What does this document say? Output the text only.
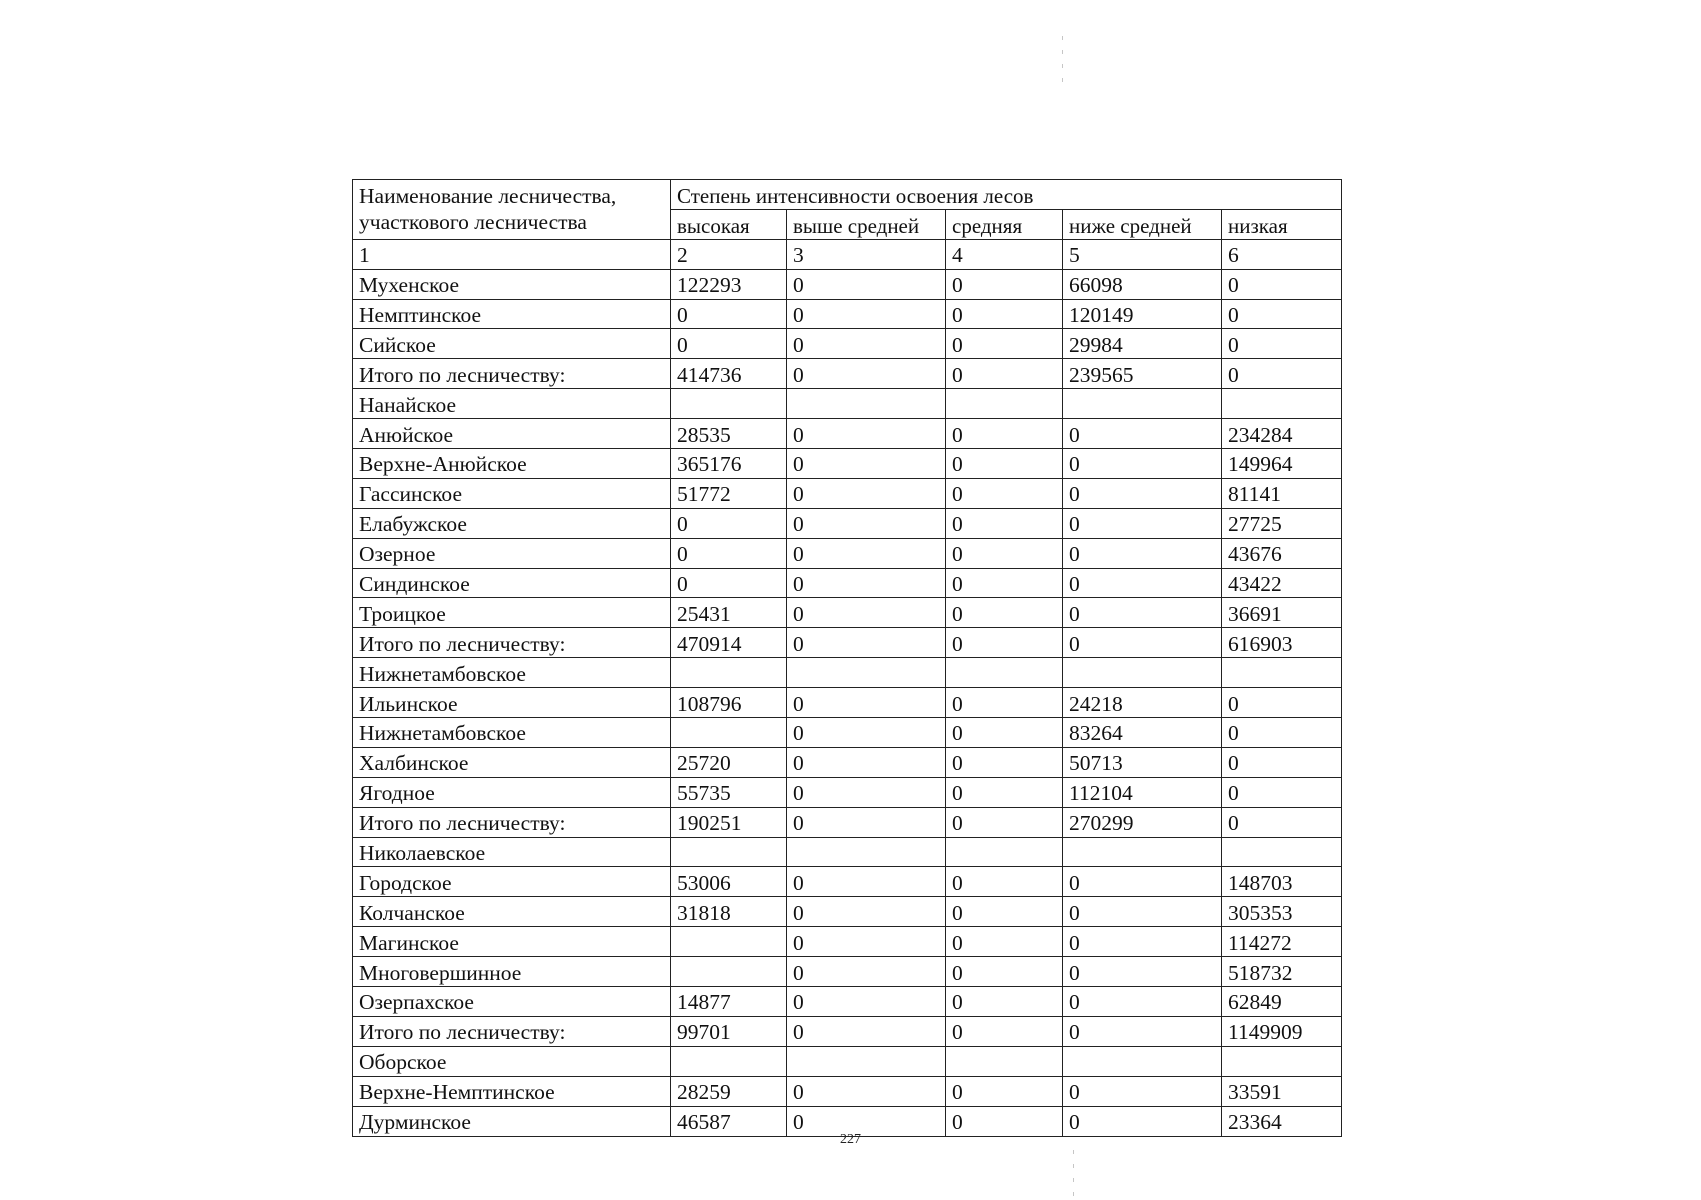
Наименование лесничества, участкового лесничества	Степень интенсивности освоения лесов				
	высокая	выше средней	средняя	ниже средней	низкая
1	2	3	4	5	6
Мухенское	122293	0	0	66098	0
Немптинское	0	0	0	120149	0
Сийское	0	0	0	29984	0
Итого по лесничеству:	414736	0	0	239565	0
Нанайское					
Анюйское	28535	0	0	0	234284
Верхне-Анюйское	365176	0	0	0	149964
Гассинское	51772	0	0	0	81141
Елабужское	0	0	0	0	27725
Озерное	0	0	0	0	43676
Синдинское	0	0	0	0	43422
Троицкое	25431	0	0	0	36691
Итого по лесничеству:	470914	0	0	0	616903
Нижнетамбовское					
Ильинское	108796	0	0	24218	0
Нижнетамбовское		0	0	83264	0
Халбинское	25720	0	0	50713	0
Ягодное	55735	0	0	112104	0
Итого по лесничеству:	190251	0	0	270299	0
Николаевское					
Городское	53006	0	0	0	148703
Колчанское	31818	0	0	0	305353
Магинское		0	0	0	114272
Многовершинное		0	0	0	518732
Озерпахское	14877	0	0	0	62849
Итого по лесничеству:	99701	0	0	0	1149909
Оборское					
Верхне-Немптинское	28259	0	0	0	33591
Дурминское	46587	0	0	0	23364
227
